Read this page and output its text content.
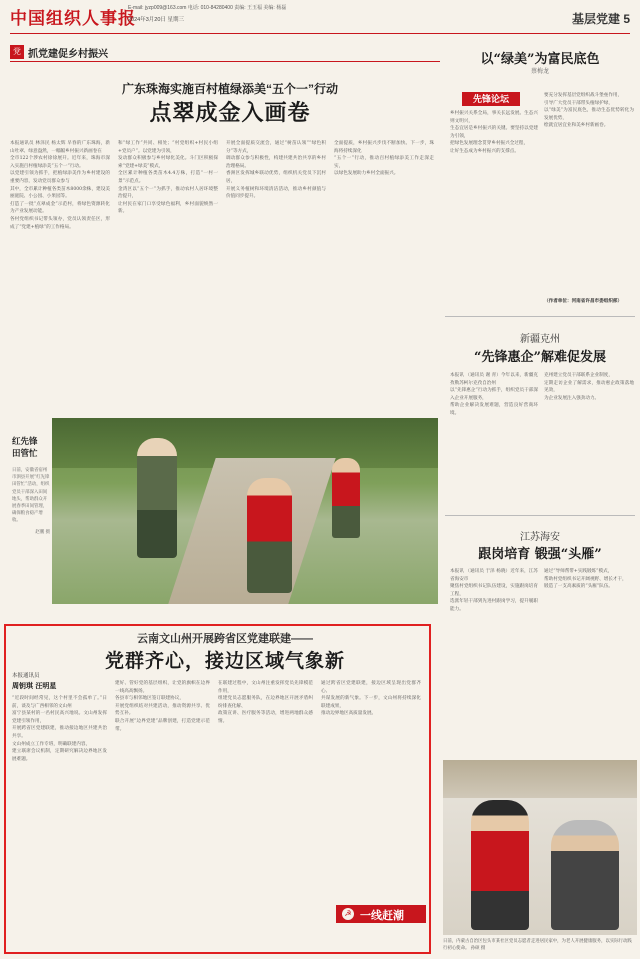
中国组织人事报
E-mail: jyzp009@163.com 电话: 010-84280400 责编: 王玉福 美编: 杨磊
2024年3月20日 星期三	基层党建 5
党 抓党建促乡村振兴
广东珠海实施百村植绿添美“五个一”行动
点翠成金入画卷
本报通讯员 林泽民 杨太辉 早春的广东珠海，新山吐翠、绿意盎然，一幅幅乡村振兴新画卷在
全市122个涉农村徐徐展开。近年来，珠海市深入实施百村植绿添美“五个一”行动。
以党建引领为抓手，把植绿添美作为乡村建设的重要内容，发动党员群众参与
其中，全市累计种植各类苗木8000余株，建设美丽庭院、小公园、小果园等。
打造了一批“点翠成金”示范村，将绿色资源转化为产业发展动能。
各村党组织书记带头领办，党员认领责任区，形成了“党建+植绿”的工作格局。
和“绿工作”共同、相处；“村党组织+村民小组+党员户”。以党建为引领，
发动群众积极参与乡村绿化美化。斗门区积极探索“党建+绿美”模式，
全区累计种植各类苗木4.4万株，打造“一村一景”示范点。
金湾区以“五个一”为抓手，推动农村人居环境整治提升，
让村民在家门口享受绿色福利，乡村面貌焕然一新。
开展全面提质交流会，通过“树苗认领”“绿色积分”等方式，
调动群众参与积极性，构建共建共治共享的乡村治理格局。
香洲区发挥城乡联动优势，组织机关党员下沉村居，
开展义务植树和环境清洁活动，推动乡村颜值与价值同步提升。
全面提质，乡村振兴步伐不断加快。下一步，珠海将持续深化
“五个一”行动，推动百村植绿添美工作走深走实，
以绿色发展助力乡村全面振兴。
红先锋
田管忙
日前，安徽省宿州市泗县开展“红先锋 田管忙”活动，组织党员干部深入田间地头，帮助群众开展春季田间管理，确保粮食稳产增收。
赵鹏 摄
云南文山州开展跨省区党建联建——
党群齐心，接边区域气象新
本报通讯员
周钥琪 汪明星
“近段时间经常见，这个村里不会孤单了。”日前，谈及与广西相邻的文山州
富宁县某村的一名村民高兴地说。文山州发挥党建引领作用，
开展跨省区党建联建，推动接边地区共建共治共享。
文山州成立工作专班，明确联建内容，
建立联席会议机制，定期研究解决边界地区发展难题。
建好、管好党的基层组织，让党的旗帜在边界一线高高飘扬。
各县市与相邻地区签订联建协议，
开展党组织结对共建活动，推动资源共享、优势互补。
联合开展“边界党建”品牌创建，打造党建示范带。
在联建过程中，文山州注重发挥党员先锋模范作用，
组建党员志愿服务队，在边界地区开展矛盾纠纷排查化解、
政策宣讲、医疗服务等活动，增进两地群众感情。
通过跨省区党建联建，接边区域呈现出党群齐心、
共谋发展的新气象。下一步，文山州将持续深化联建成果，
推动边界地区高质量发展。
☭ 一线赶潮
以“绿美”为富民底色
蔡梅龙
先锋论坛
乡村振兴关系全局，事关长远发展。生态兴则文明兴，
生态宜居是乡村振兴的关键。要坚持以党建为引领，
把绿色发展理念贯穿乡村振兴全过程，
让好生态成为乡村振兴的支撑点。
要充分发挥基层党组织战斗堡垒作用，
引导广大党员干部带头植绿护绿，
以“绿美”为富民底色，推动生态优势转化为发展优势，
绘就宜居宜业和美乡村新画卷。
（作者单位：河南省许昌市委组织部）
新疆克州
“先锋惠企”解难促发展
本报讯 （通讯员 谢 青）今年以来，新疆克孜勒苏柯尔克孜自治州
以“先锋惠企”行动为抓手，组织党员干部深入企业开展服务，
帮助企业解决发展难题，营造良好营商环境。
克州建立党员干部联系企业制度，
定期走访企业了解需求，推动惠企政策落地见效，
为企业发展注入强劲动力。
江苏海安
跟岗培育 锻强“头雁”
本报讯 （通讯员 于泽 杨晓）近年来，江苏省海安市
聚焦村党组织书记队伍建设，实施跟岗培育工程，
选派年轻干部到先进村跟岗学习，提升履职能力。
通过“导师帮带+实践锻炼”模式，
帮助村党组织书记开阔视野、增长才干，
锻造了一支高素质的“头雁”队伍。
日前，内蒙古自治区包头市某社区党员志愿者走进居民家中，为老人开展健康服务，以实际行动践行初心使命。 孙硕 摄
